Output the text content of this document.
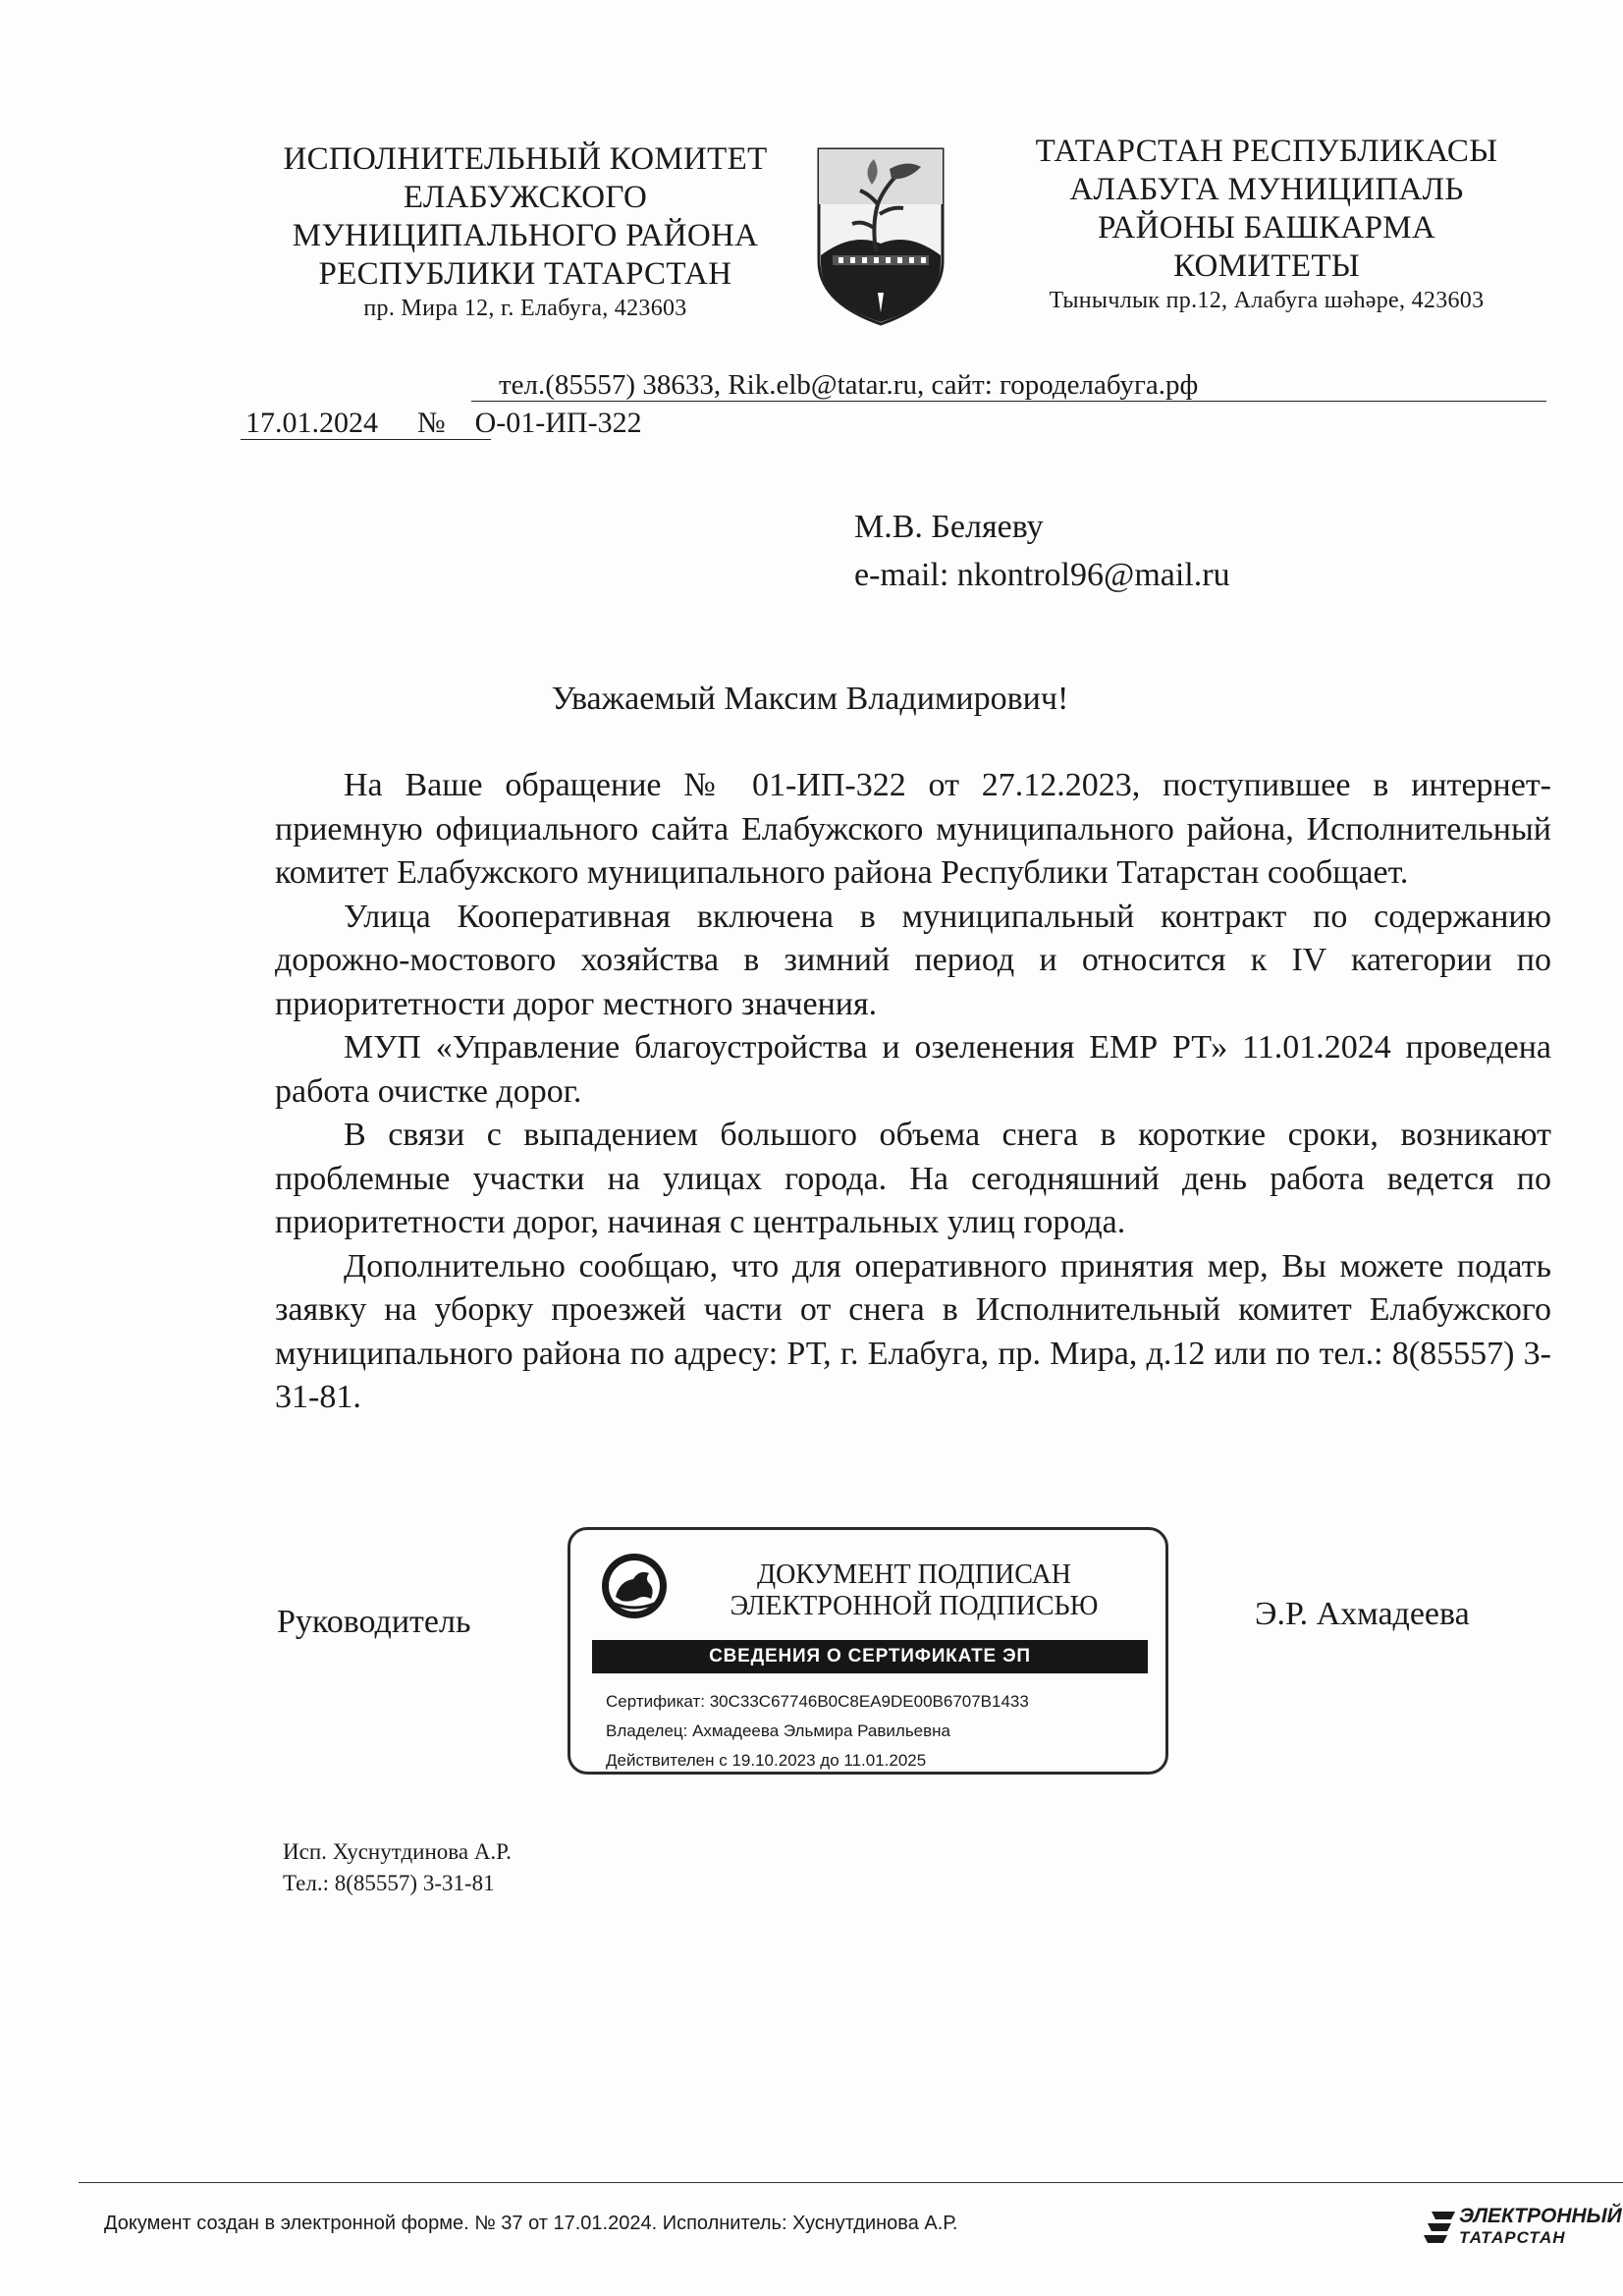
ИСПОЛНИТЕЛЬНЫЙ КОМИТЕТ
ЕЛАБУЖСКОГО
МУНИЦИПАЛЬНОГО РАЙОНА
РЕСПУБЛИКИ ТАТАРСТАН
пр. Мира 12, г. Елабуга, 423603
ТАТАРСТАН РЕСПУБЛИКАСЫ
АЛАБУГА МУНИЦИПАЛЬ
РАЙОНЫ БАШКАРМА
КОМИТЕТЫ
Тынычлык пр.12, Алабуга шәһәре, 423603
тел.(85557) 38633, Rik.elb@tatar.ru, сайт: городелабуга.рф
17.01.2024 № О-01-ИП-322
М.В. Беляеву
e-mail: nkontrol96@mail.ru
Уважаемый Максим Владимирович!

На Ваше обращение № 01-ИП-322 от 27.12.2023, поступившее в интернет-приемную официального сайта Елабужского муниципального района, Исполнительный комитет Елабужского муниципального района Республики Татарстан сообщает.

Улица Кооперативная включена в муниципальный контракт по содержанию дорожно-мостового хозяйства в зимний период и относится к IV категории по приоритетности дорог местного значения.

МУП «Управление благоустройства и озеленения ЕМР РТ» 11.01.2024 проведена работа очистке дорог.

В связи с выпадением большого объема снега в короткие сроки, возникают проблемные участки на улицах города. На сегодняшний день работа ведется по приоритетности дорог, начиная с центральных улиц города.

Дополнительно сообщаю, что для оперативного принятия мер, Вы можете подать заявку на уборку проезжей части от снега в Исполнительный комитет Елабужского муниципального района по адресу: РТ, г. Елабуга, пр. Мира, д.12 или по тел.: 8(85557) 3-31-81.

Руководитель	Э.Р. Ахмадеева
ДОКУМЕНТ ПОДПИСАН
ЭЛЕКТРОННОЙ ПОДПИСЬЮ
СВЕДЕНИЯ О СЕРТИФИКАТЕ ЭП
Сертификат: 30C33C67746B0C8EA9DE00B6707B1433
Владелец: Ахмадеева Эльмира Равильевна
Действителен с 19.10.2023 до 11.01.2025
Исп. Хуснутдинова А.Р.
Тел.: 8(85557) 3-31-81
Документ создан в электронной форме. № 37 от 17.01.2024. Исполнитель: Хуснутдинова А.Р.	ЭЛЕКТРОННЫЙ
ТАТАРСТАН
